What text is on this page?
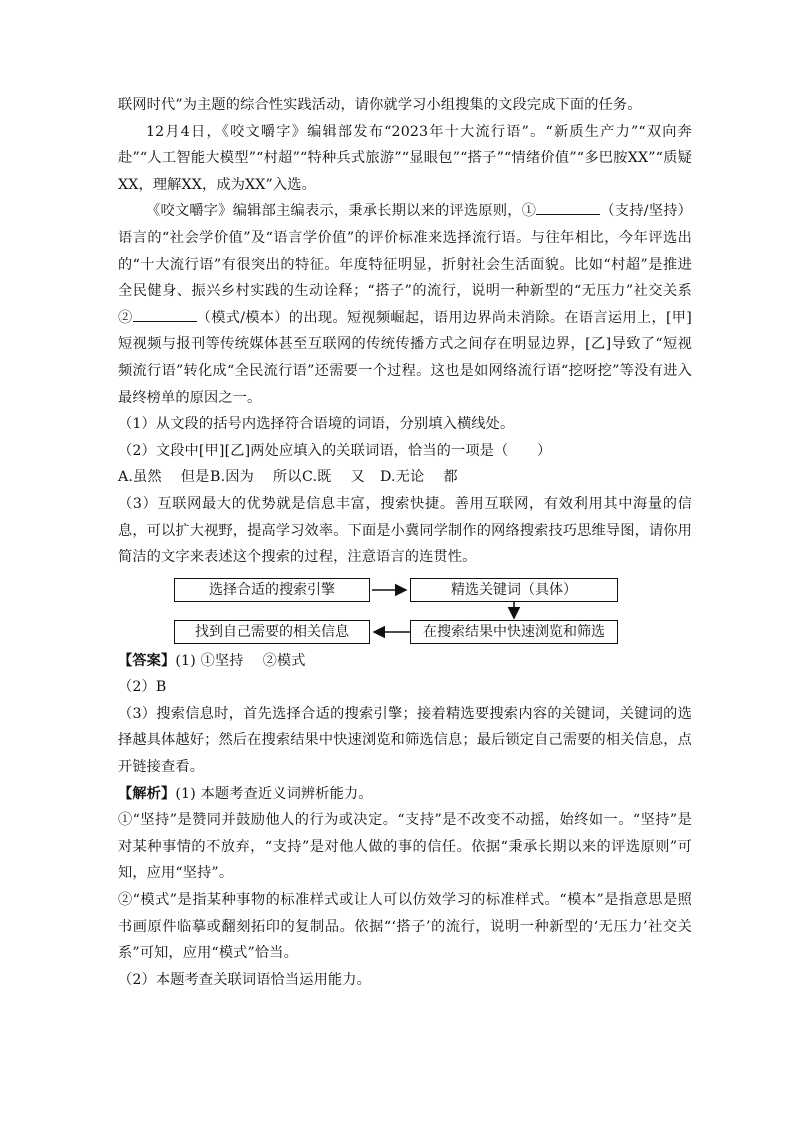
联网时代”为主题的综合性实践活动，请你就学习小组搜集的文段完成下面的任务。

12月4日，《咬文嚼字》编辑部发布“2023年十大流行语”。“新质生产力”“双向奔赴”“人工智能大模型”“村超”“特种兵式旅游”“显眼包”“搭子”“情绪价值”“多巴胺XX”“质疑XX，理解XX，成为XX”入选。

《咬文嚼字》编辑部主编表示，秉承长期以来的评选原则，①	（支持/坚持）语言的“社会学价值”及“语言学价值”的评价标准来选择流行语。与往年相比，今年评选出的“十大流行语”有很突出的特征。年度特征明显，折射社会生活面貌。比如“村超”是推进全民健身、振兴乡村实践的生动诠释；“搭子”的流行，说明一种新型的“无压力”社交关系②	（模式/模本）的出现。短视频崛起，语用边界尚未消除。在语言运用上，[甲]短视频与报刊等传统媒体甚至互联网的传统传播方式之间存在明显边界，[乙]导致了“短视频流行语”转化成“全民流行语”还需要一个过程。这也是如网络流行语“挖呀挖”等没有进入最终榜单的原因之一。

（1）从文段的括号内选择符合语境的词语，分别填入横线处。

（2）文段中[甲][乙]两处应填入的关联词语，恰当的一项是（　　）

A.虽然　 但是B.因为　 所以C.既　 又 D.无论　 都

（3）互联网最大的优势就是信息丰富，搜索快捷。善用互联网，有效利用其中海量的信息，可以扩大视野，提高学习效率。下面是小冀同学制作的网络搜索技巧思维导图，请你用简洁的文字来表述这个搜索的过程，注意语言的连贯性。

选择合适的搜索引擎	精选关键词（具体）
在搜索结果中快速浏览和筛选
找到自己需要的相关信息

【答案】(1) ①坚持　 ②模式

（2）B

（3）搜索信息时，首先选择合适的搜索引擎；接着精选要搜索内容的关键词，关键词的选择越具体越好；然后在搜索结果中快速浏览和筛选信息；最后锁定自己需要的相关信息，点开链接查看。

【解析】(1) 本题考查近义词辨析能力。

①“坚持”是赞同并鼓励他人的行为或决定。“支持”是不改变不动摇，始终如一。“坚持”是对某种事情的不放弃，“支持”是对他人做的事的信任。依据“秉承长期以来的评选原则”可知，应用“坚持”。

②“模式”是指某种事物的标准样式或让人可以仿效学习的标准样式。“模本”是指意思是照书画原件临摹或翻刻拓印的复制品。依据“‘搭子’的流行，说明一种新型的‘无压力’社交关系”可知，应用“模式”恰当。

（2）本题考查关联词语恰当运用能力。
